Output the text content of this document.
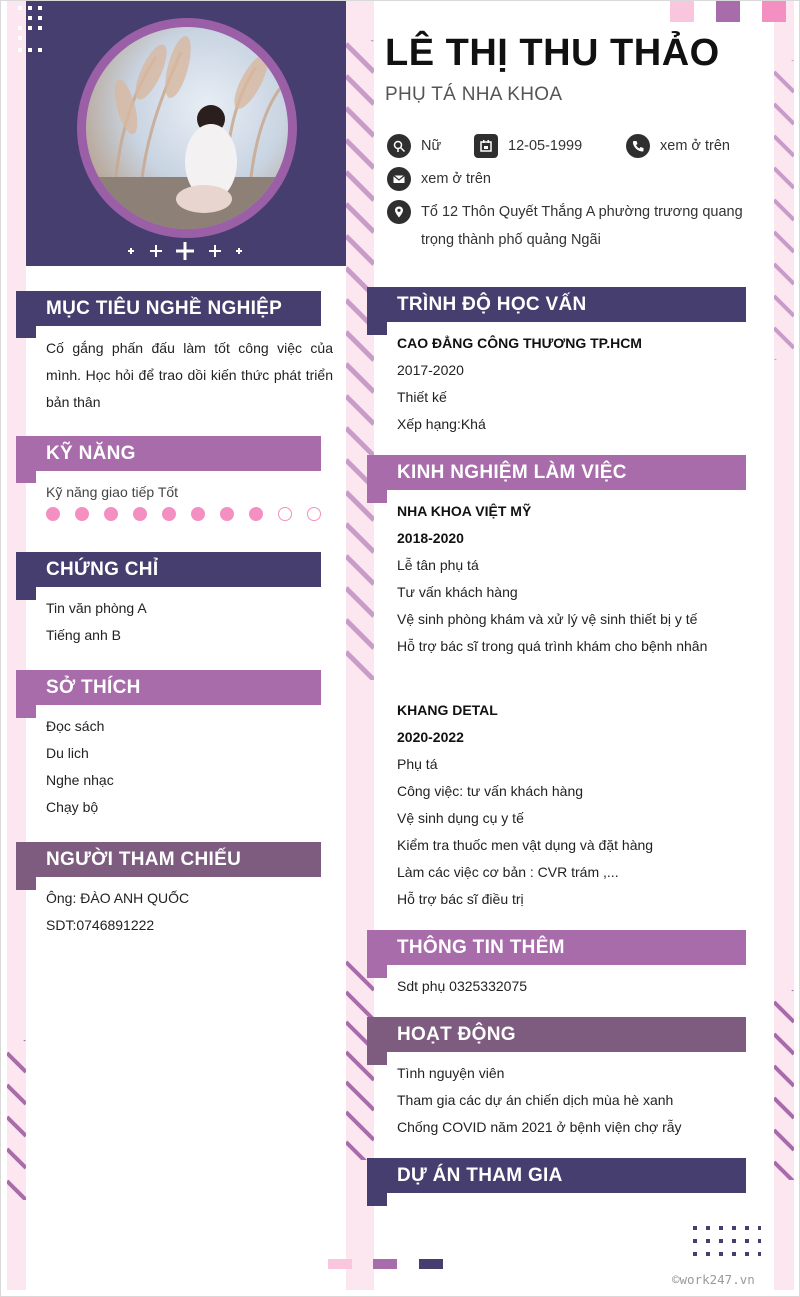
LÊ THỊ THU THẢO
PHỤ TÁ NHA KHOA
Nữ	12-05-1999	xem ở trên
xem ở trên
Tổ 12 Thôn Quyết Thắng A phường trương quang
trọng thành phố quảng Ngãi
MỤC TIÊU NGHỀ NGHIỆP
Cố gắng phấn đấu làm tốt công việc của mình. Học hỏi để trao dồi kiến thức phát triển bản thân
KỸ NĂNG
Kỹ năng giao tiếp Tốt
CHỨNG CHỈ
Tin văn phòng A
Tiếng anh B
SỞ THÍCH
Đọc sách
Du lich
Nghe nhạc
Chạy bộ
NGƯỜI THAM CHIẾU
Ông: ĐÀO ANH QUỐC
SDT:0746891222
TRÌNH ĐỘ HỌC VẤN
CAO ĐẲNG CÔNG THƯƠNG TP.HCM
2017-2020
Thiết kế
Xếp hạng:Khá
KINH NGHIỆM LÀM VIỆC
NHA KHOA VIỆT MỸ
2018-2020
Lễ tân phụ tá
Tư vấn khách hàng
Vệ sinh phòng khám và xử lý vệ sinh thiết bị y tế
Hỗ trợ bác sĩ trong quá trình khám cho bệnh nhân
KHANG DETAL
2020-2022
Phụ tá
Công việc: tư vấn khách hàng
Vệ sinh dụng cụ y tế
Kiểm tra thuốc men vật dụng và đặt hàng
Làm các việc cơ bản : CVR trám ,...
Hỗ trợ bác sĩ điều trị
THÔNG TIN THÊM
Sdt phụ 0325332075
HOẠT ĐỘNG
Tình nguyện viên
Tham gia các dự án chiến dịch mùa hè xanh
Chống COVID năm 2021 ở bệnh viện chợ rẫy
DỰ ÁN THAM GIA
©work247.vn
